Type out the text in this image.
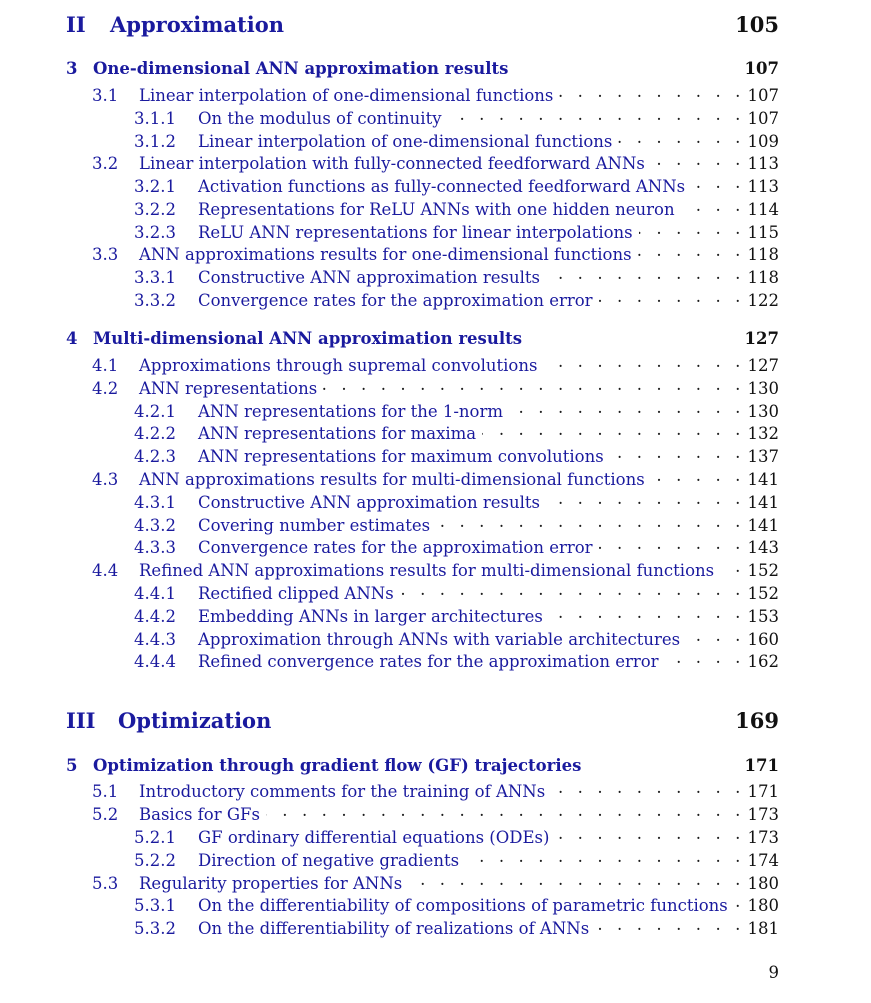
II	Approximation	105
3 One-dimensional ANN approximation results	107
3.1	Linear interpolation of one-dimensional functions . . .	107
3.1.1	On the modulus of continuity . . .	107
3.1.2	Linear interpolation of one-dimensional functions . . .	109
3.2	Linear interpolation with fully-connected feedforward ANNs . . .	113
3.2.1	Activation functions as fully-connected feedforward ANNs . . .	113
3.2.2	Representations for ReLU ANNs with one hidden neuron . . .	114
3.2.3	ReLU ANN representations for linear interpolations . . .	115
3.3	ANN approximations results for one-dimensional functions . . .	118
3.3.1	Constructive ANN approximation results . . .	118
3.3.2	Convergence rates for the approximation error . . .	122
4 Multi-dimensional ANN approximation results	127
4.1	Approximations through supremal convolutions . . .	127
4.2	ANN representations . . .	130
4.2.1	ANN representations for the 1-norm . . .	130
4.2.2	ANN representations for maxima . . .	132
4.2.3	ANN representations for maximum convolutions . . .	137
4.3	ANN approximations results for multi-dimensional functions . . .	141
4.3.1	Constructive ANN approximation results . . .	141
4.3.2	Covering number estimates . . .	141
4.3.3	Convergence rates for the approximation error . . .	143
4.4	Refined ANN approximations results for multi-dimensional functions . . .	152
4.4.1	Rectified clipped ANNs . . .	152
4.4.2	Embedding ANNs in larger architectures . . .	153
4.4.3	Approximation through ANNs with variable architectures . . .	160
4.4.4	Refined convergence rates for the approximation error . . .	162
III	Optimization	169
5 Optimization through gradient flow (GF) trajectories	171
5.1	Introductory comments for the training of ANNs . . .	171
5.2	Basics for GFs . . .	173
5.2.1	GF ordinary differential equations (ODEs) . . .	173
5.2.2	Direction of negative gradients . . .	174
5.3	Regularity properties for ANNs . . .	180
5.3.1	On the differentiability of compositions of parametric functions . . .	180
5.3.2	On the differentiability of realizations of ANNs . . .	181
9
